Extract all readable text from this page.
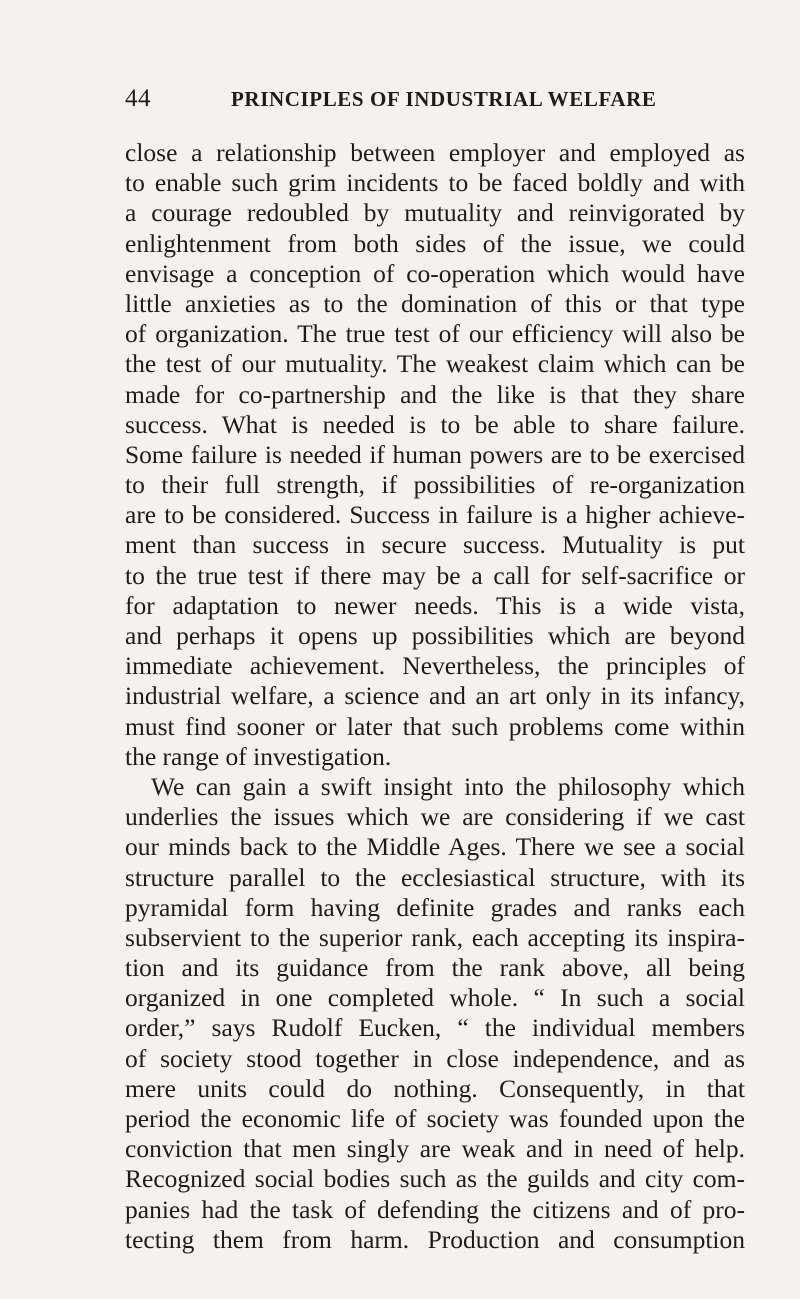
44	PRINCIPLES OF INDUSTRIAL WELFARE
close a relationship between employer and employed as
to enable such grim incidents to be faced boldly and with
a courage redoubled by mutuality and reinvigorated by
enlightenment from both sides of the issue, we could
envisage a conception of co-operation which would have
little anxieties as to the domination of this or that type
of organization. The true test of our efficiency will also be
the test of our mutuality. The weakest claim which can be
made for co-partnership and the like is that they share
success. What is needed is to be able to share failure.
Some failure is needed if human powers are to be exercised
to their full strength, if possibilities of re-organization
are to be considered. Success in failure is a higher achieve-
ment than success in secure success. Mutuality is put
to the true test if there may be a call for self-sacrifice or
for adaptation to newer needs. This is a wide vista,
and perhaps it opens up possibilities which are beyond
immediate achievement. Nevertheless, the principles of
industrial welfare, a science and an art only in its infancy,
must find sooner or later that such problems come within
the range of investigation.
We can gain a swift insight into the philosophy which
underlies the issues which we are considering if we cast
our minds back to the Middle Ages. There we see a social
structure parallel to the ecclesiastical structure, with its
pyramidal form having definite grades and ranks each
subservient to the superior rank, each accepting its inspira-
tion and its guidance from the rank above, all being
organized in one completed whole. “ In such a social
order,” says Rudolf Eucken, “ the individual members
of society stood together in close independence, and as
mere units could do nothing. Consequently, in that
period the economic life of society was founded upon the
conviction that men singly are weak and in need of help.
Recognized social bodies such as the guilds and city com-
panies had the task of defending the citizens and of pro-
tecting them from harm. Production and consumption
